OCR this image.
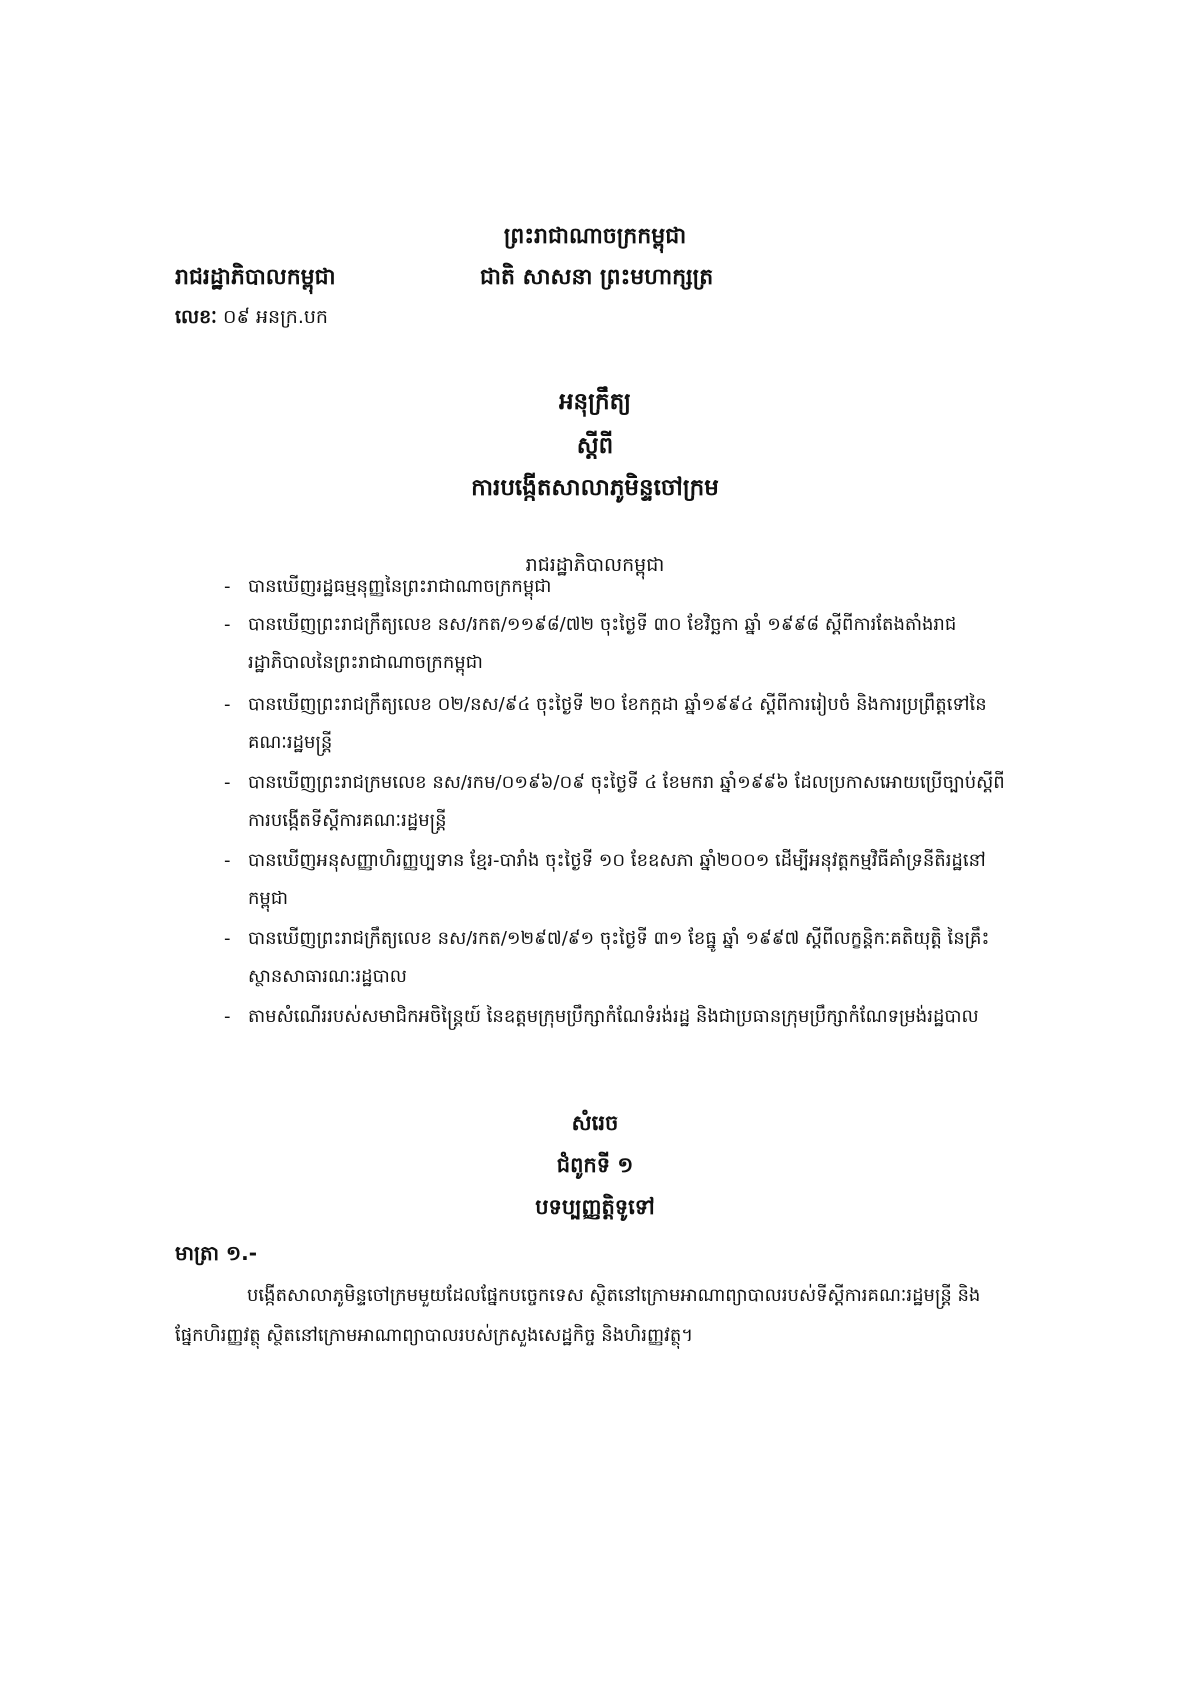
ព្រះរាជាណាចក្រកម្ពុជា
រាជរដ្ឋាភិបាលកម្ពុជា	ជាតិ សាសនា ព្រះមហាក្សត្រ
លេខៈ ០៩ អនក្រ.បក
អនុក្រឹត្យ
ស្តីពី
ការបង្កើតសាលាភូមិន្ទចៅក្រម
រាជរដ្ឋាភិបាលកម្ពុជា
- បានឃើញរដ្ឋធម្មនុញ្ញនៃព្រះរាជាណាចក្រកម្ពុជា
- បានឃើញព្រះរាជក្រឹត្យលេខ នស/រកត/១១៩៨/៧២ ចុះថ្ងៃទី ៣០ ខែវិច្ឆកា ឆ្នាំ ១៩៩៨ ស្តីពីការតែងតាំងរាជរដ្ឋាភិបាលនៃព្រះរាជាណាចក្រកម្ពុជា
- បានឃើញព្រះរាជក្រឹត្យលេខ ០២/នស/៩៤ ចុះថ្ងៃទី ២០ ខែកក្កដា ឆ្នាំ១៩៩៤ ស្តីពីការរៀបចំ និងការប្រព្រឹត្តទៅនៃគណៈរដ្ឋមន្ត្រី
- បានឃើញព្រះរាជក្រមលេខ នស/រកម/០១៩៦/០៩ ចុះថ្ងៃទី ៤ ខែមករា ឆ្នាំ១៩៩៦ ដែលប្រកាសអោយប្រើច្បាប់ស្តីពីការបង្កើតទីស្តីការគណៈរដ្ឋមន្ត្រី
- បានឃើញអនុសញ្ញាហិរញ្ញប្បទាន ខ្មែរ-បារាំង ចុះថ្ងៃទី ១០ ខែឧសភា ឆ្នាំ២០០១ ដើម្បីអនុវត្តកម្មវិធីគាំទ្រនីតិរដ្ឋនៅកម្ពុជា
- បានឃើញព្រះរាជក្រឹត្យលេខ នស/រកត/១២៩៧/៩១ ចុះថ្ងៃទី ៣១ ខែធ្នូ ឆ្នាំ ១៩៩៧ ស្តីពីលក្ខន្តិកៈគតិយុត្តិ នៃគ្រឹះស្ថានសាធារណៈរដ្ឋបាល
- តាមសំណើររបស់សមាជិកអចិន្ត្រៃយ៍ នៃឧត្តមក្រុមប្រឹក្សាកំណែទំរង់រដ្ឋ និងជាប្រធានក្រុមប្រឹក្សាកំណែទម្រង់រដ្ឋបាល
សំរេច
ជំពូកទី ១
បទប្បញ្ញត្តិទូទៅ
មាត្រា ១.-
បង្កើតសាលាភូមិន្ទចៅក្រមមួយដែលផ្នែកបច្ចេកទេស ស្ថិតនៅក្រោមអាណាព្យាបាលរបស់ទីស្តីការគណៈរដ្ឋមន្ត្រី និងផ្នែកហិរញ្ញវត្ថុ ស្ថិតនៅក្រោមអាណាព្យាបាលរបស់ក្រសួងសេដ្ឋកិច្ច និងហិរញ្ញវត្ថុ។
